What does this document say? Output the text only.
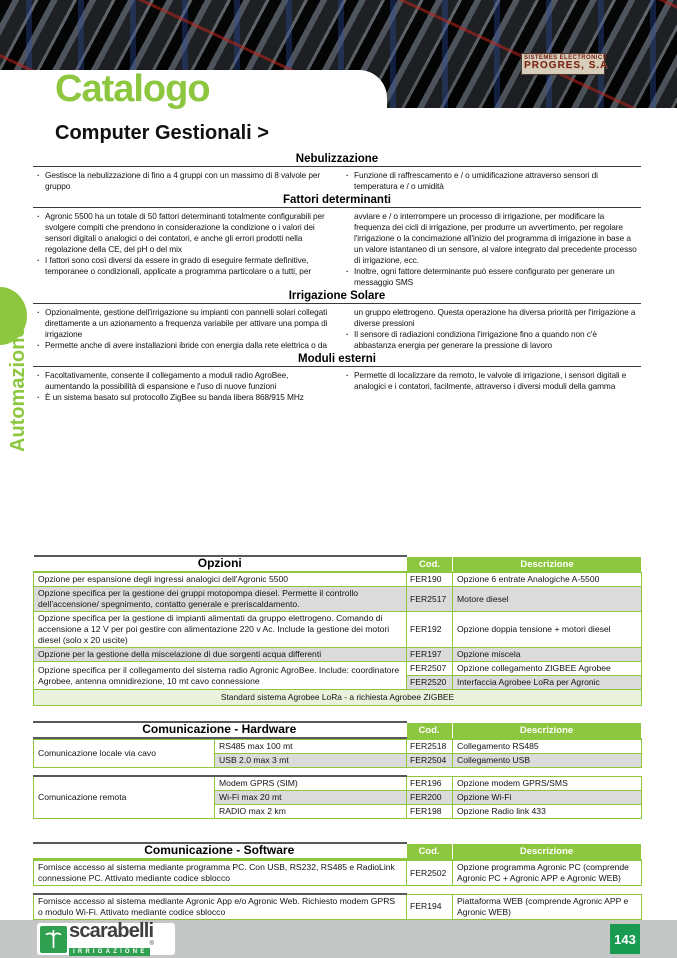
SISTEMES ELECTRONICS
PROGRES, S.A
Catalogo
Computer Gestionali >
Automazione
Nebulizzazione
·
Gestisce la nebulizzazione di fino a 4 gruppi con un massimo di 8 valvole per gruppo
·
Funzione di raffrescamento e / o umidificazione attraverso sensori di temperatura e / o umidità
Fattori determinanti
·
Agronic 5500 ha un totale di 50 fattori determinanti totalmente configurabili per svolgere compiti che prendono in considerazione la condizione o i valori dei sensori digitali o analogici o dei contatori, e anche gli errori prodotti nella regolazione della CE, del pH o del mix
·
I fattori sono così diversi da essere in grado di eseguire fermate definitive, temporanee o condizionali, applicate a programma particolare o a tutti, per
avviare e / o interrompere un processo di irrigazione, per modificare la frequenza dei cicli di irrigazione, per produrre un avvertimento, per regolare l'irrigazione o la concimazione all'inizio del programma di irrigazione in base a un valore istantaneo di un sensore, al valore integrato dal precedente processo di irrigazione, ecc.
·
Inoltre, ogni fattore determinante può essere configurato per generare un messaggio SMS
Irrigazione Solare
·
Opzionalmente, gestione dell'irrigazione su impianti con pannelli solari collegati direttamente a un azionamento a frequenza variabile per attivare una pompa di irrigazione
·
Permette anche di avere installazioni ibride con energia dalla rete elettrica o da
un gruppo elettrogeno. Questa operazione ha diversa priorità per l'irrigazione a diverse pressioni
·
Il sensore di radiazioni condiziona l'irrigazione fino a quando non c'è abbastanza energia per generare la pressione di lavoro
Moduli esterni
·
Facoltativamente, consente il collegamento a moduli radio AgroBee, aumentando la possibilità di espansione e l'uso di nuove funzioni
·
È un sistema basato sul protocollo ZigBee su banda libera 868/915 MHz
·
Permette di localizzare da remoto, le valvole di irrigazione, i sensori digitali e analogici e i contatori, facilmente, attraverso i diversi moduli della gamma
Opzioni	Cod.	Descrizione
Opzione per espansione degli ingressi analogici dell'Agronic 5500	FER190	Opzione 6 entrate Analogiche A-5500
Opzione specifica per la gestione dei gruppi motopompa diesel. Permette il controllo dell'accensione/ spegnimento, contatto generale e preriscaldamento.	FER2517	Motore diesel
Opzione specifica per la gestione di impianti alimentati da gruppo elettrogeno. Comando di accensione a 12 V per poi gestire con alimentazione 220 v Ac. Include la gestione dei motori diesel (solo x 20 uscite)	FER192	Opzione doppia tensione + motori diesel
Opzione per la gestione della miscelazione di due sorgenti acqua differenti	FER197	Opzione miscela
Opzione specifica per il collegamento del sistema radio Agronic AgroBee. Include: coordinatore Agrobee, antenna omnidirezione, 10 mt cavo connessione	FER2507	Opzione collegamento ZIGBEE Agrobee
	FER2520	Interfaccia Agrobee LoRa per Agronic
Standard sistema Agrobee LoRa - a richiesta Agrobee ZIGBEE		
Comunicazione - Hardware	Cod.	Descrizione
Comunicazione locale via cavo	RS485 max 100 mt	FER2518	Collegamento RS485
	USB 2.0 max 3 mt	FER2504	Collegamento USB
Comunicazione remota	Modem GPRS (SIM)	FER196	Opzione modem GPRS/SMS
	Wi-Fi max 20 mt	FER200	Opzione Wi-Fi
	RADIO max 2 km	FER198	Opzione Radio link 433
Comunicazione - Software	Cod.	Descrizione
Fornisce accesso al sistema mediante programma PC. Con USB, RS232, RS485 e RadioLink connessione PC. Attivato mediante codice sblocco	FER2502	Opzione programma Agronic PC (comprende Agronic PC + Agronic APP e Agronic WEB)
Fornisce accesso al sistema mediante Agronic App e/o Agronic Web. Richiesto modem GPRS o modulo Wi-Fi. Attivato mediante codice sblocco	FER194	Piattaforma WEB (comprende Agronic APP e Agronic WEB)
scarabelli
IRRIGAZIONE®	143
